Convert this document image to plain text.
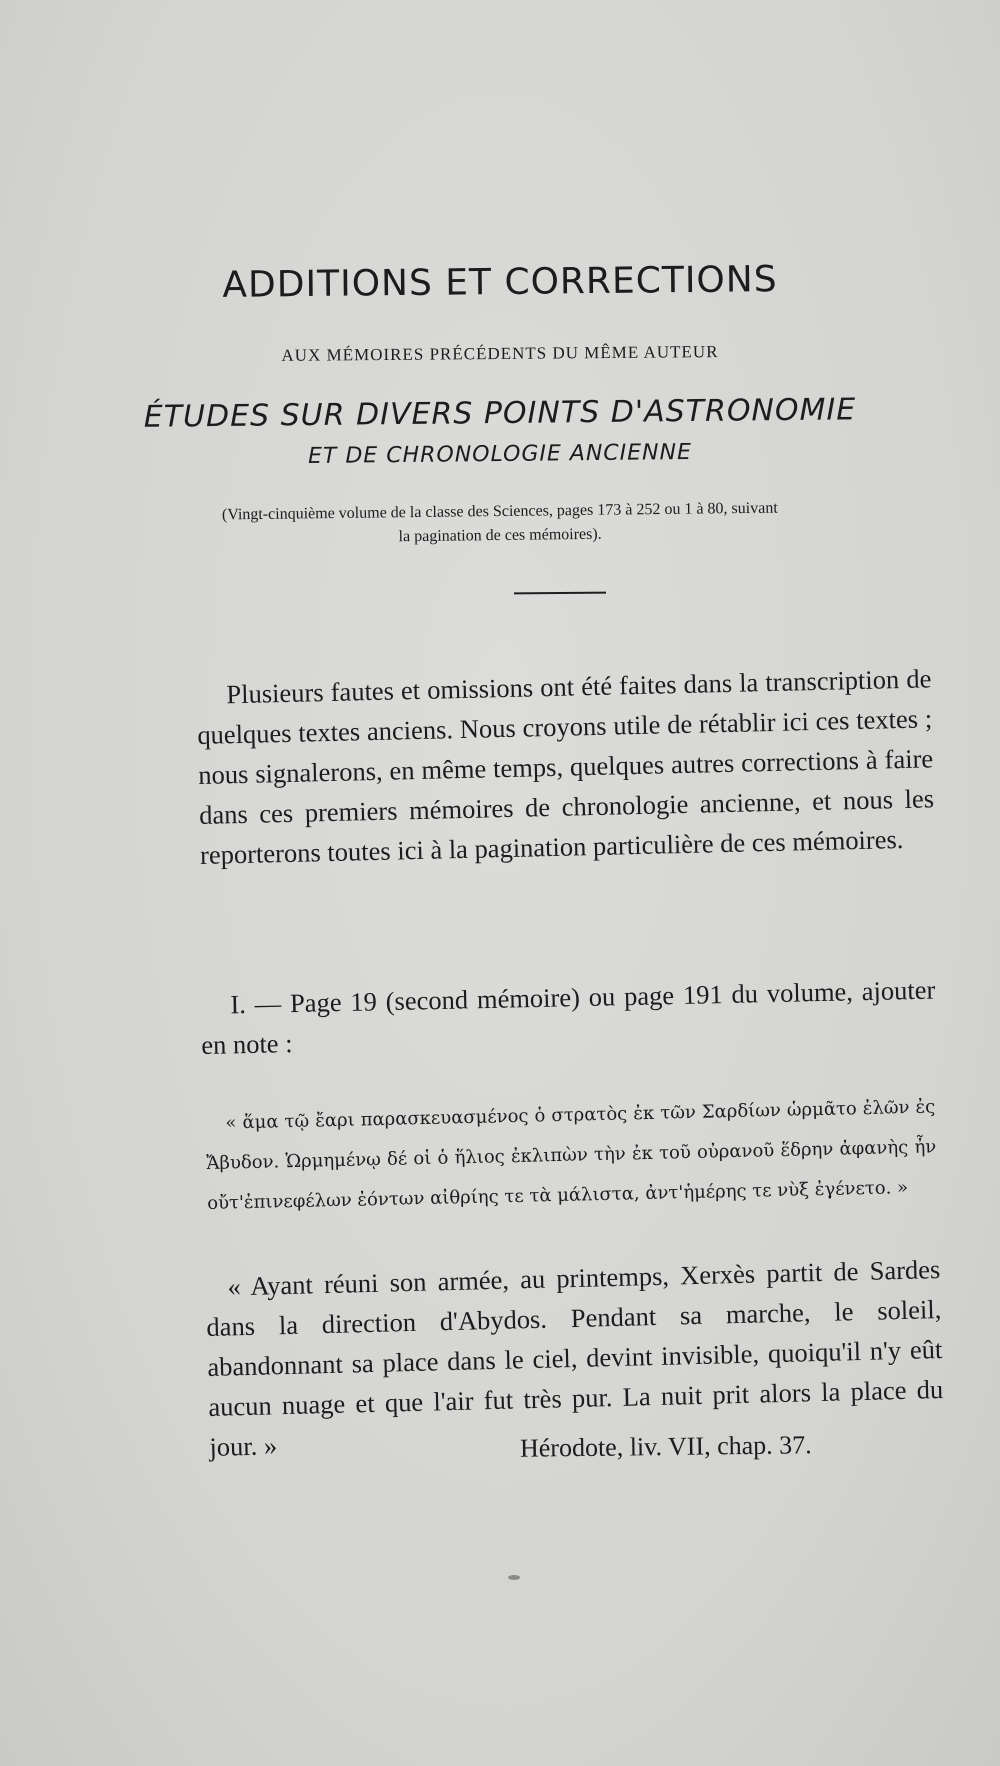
ADDITIONS ET CORRECTIONS
AUX MÉMOIRES PRÉCÉDENTS DU MÊME AUTEUR
ÉTUDES SUR DIVERS POINTS D'ASTRONOMIE
ET DE CHRONOLOGIE ANCIENNE
(Vingt-cinquième volume de la classe des Sciences, pages 173 à 252 ou 1 à 80, suivant
la pagination de ces mémoires).

Plusieurs fautes et omissions ont été faites dans la transcription de quelques textes anciens. Nous croyons utile de rétablir ici ces textes ; nous signalerons, en même temps, quelques autres corrections à faire dans ces premiers mémoires de chronologie ancienne, et nous les reporterons toutes ici à la pagination particulière de ces mémoires.

I. — Page 19 (second mémoire) ou page 191 du volume, ajouter en note :

« ἅμα τῷ ἔαρι παρασκευασμένος ὁ στρατὸς ἐκ τῶν Σαρδίων ὡρμᾶτο ἐλῶν ἐς Ἄβυδον. Ὡρμημένῳ δέ οἱ ὁ ἥλιος ἐκλιπὼν τὴν ἐκ τοῦ οὐρανοῦ ἕδρην ἀφανὴς ἦν οὔτ'ἐπινεφέλων ἐόντων αἰθρίης τε τὰ μάλιστα, ἀντ'ἡμέρης τε νὺξ ἐγένετο. »

« Ayant réuni son armée, au printemps, Xerxès partit de Sardes dans la direction d'Abydos. Pendant sa marche, le soleil, abandonnant sa place dans le ciel, devint invisible, quoiqu'il n'y eût aucun nuage et que l'air fut très pur. La nuit prit alors la place du jour. »	Hérodote, liv. VII, chap. 37.
